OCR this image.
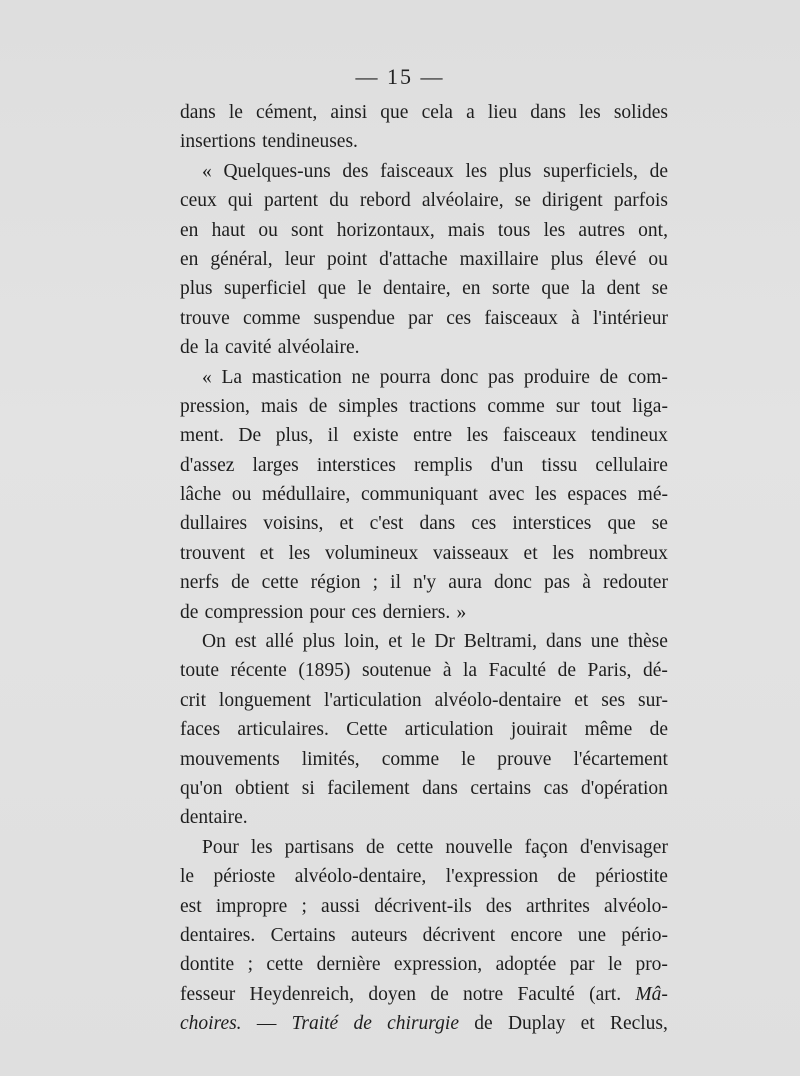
— 15 —
dans le cément, ainsi que cela a lieu dans les solides
insertions tendineuses.
« Quelques-uns des faisceaux les plus superficiels, de
ceux qui partent du rebord alvéolaire, se dirigent parfois
en haut ou sont horizontaux, mais tous les autres ont,
en général, leur point d'attache maxillaire plus élevé ou
plus superficiel que le dentaire, en sorte que la dent se
trouve comme suspendue par ces faisceaux à l'intérieur
de la cavité alvéolaire.
« La mastication ne pourra donc pas produire de com-
pression, mais de simples tractions comme sur tout liga-
ment. De plus, il existe entre les faisceaux tendineux
d'assez larges interstices remplis d'un tissu cellulaire
lâche ou médullaire, communiquant avec les espaces mé-
dullaires voisins, et c'est dans ces interstices que se
trouvent et les volumineux vaisseaux et les nombreux
nerfs de cette région ; il n'y aura donc pas à redouter
de compression pour ces derniers. »
On est allé plus loin, et le Dr Beltrami, dans une thèse
toute récente (1895) soutenue à la Faculté de Paris, dé-
crit longuement l'articulation alvéolo-dentaire et ses sur-
faces articulaires. Cette articulation jouirait même de
mouvements limités, comme le prouve l'écartement
qu'on obtient si facilement dans certains cas d'opération
dentaire.
Pour les partisans de cette nouvelle façon d'envisager
le périoste alvéolo-dentaire, l'expression de périostite
est impropre ; aussi décrivent-ils des arthrites alvéolo-
dentaires. Certains auteurs décrivent encore une pério-
dontite ; cette dernière expression, adoptée par le pro-
fesseur Heydenreich, doyen de notre Faculté (art. Mâ-
choires. — Traité de chirurgie de Duplay et Reclus,
